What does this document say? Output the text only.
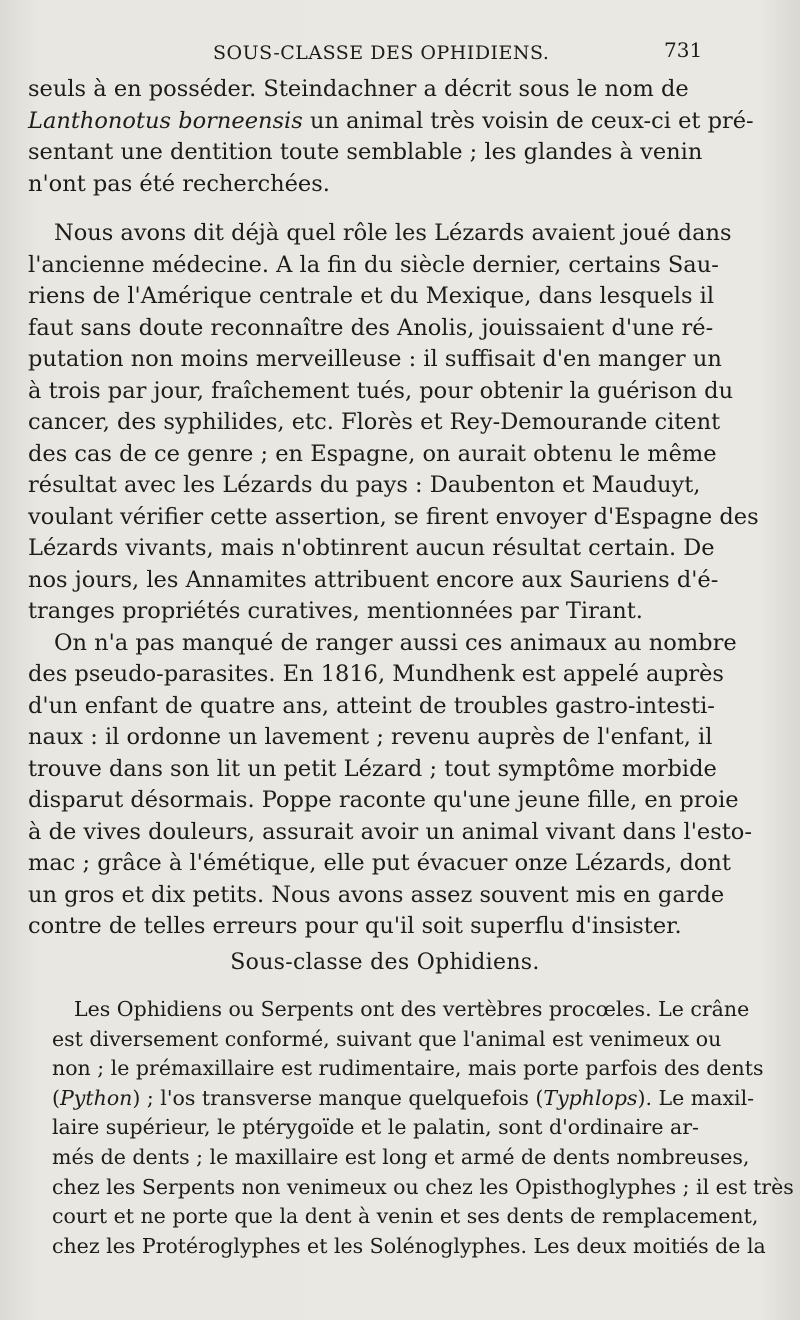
SOUS-CLASSE DES OPHIDIENS.	731
seuls à en posséder. Steindachner a décrit sous le nom de
Lanthonotus borneensis un animal très voisin de ceux-ci et pré-
sentant une dentition toute semblable ; les glandes à venin
n'ont pas été recherchées.
Nous avons dit déjà quel rôle les Lézards avaient joué dans
l'ancienne médecine. A la fin du siècle dernier, certains Sau-
riens de l'Amérique centrale et du Mexique, dans lesquels il
faut sans doute reconnaître des Anolis, jouissaient d'une ré-
putation non moins merveilleuse : il suffisait d'en manger un
à trois par jour, fraîchement tués, pour obtenir la guérison du
cancer, des syphilides, etc. Florès et Rey-Demourande citent
des cas de ce genre ; en Espagne, on aurait obtenu le même
résultat avec les Lézards du pays : Daubenton et Mauduyt,
voulant vérifier cette assertion, se firent envoyer d'Espagne des
Lézards vivants, mais n'obtinrent aucun résultat certain. De
nos jours, les Annamites attribuent encore aux Sauriens d'é-
tranges propriétés curatives, mentionnées par Tirant.
On n'a pas manqué de ranger aussi ces animaux au nombre
des pseudo-parasites. En 1816, Mundhenk est appelé auprès
d'un enfant de quatre ans, atteint de troubles gastro-intesti-
naux : il ordonne un lavement ; revenu auprès de l'enfant, il
trouve dans son lit un petit Lézard ; tout symptôme morbide
disparut désormais. Poppe raconte qu'une jeune fille, en proie
à de vives douleurs, assurait avoir un animal vivant dans l'esto-
mac ; grâce à l'émétique, elle put évacuer onze Lézards, dont
un gros et dix petits. Nous avons assez souvent mis en garde
contre de telles erreurs pour qu'il soit superflu d'insister.
Sous-classe des Ophidiens.
Les Ophidiens ou Serpents ont des vertèbres procœles. Le crâne
est diversement conformé, suivant que l'animal est venimeux ou
non ; le prémaxillaire est rudimentaire, mais porte parfois des dents
(Python) ; l'os transverse manque quelquefois (Typhlops). Le maxil-
laire supérieur, le ptérygoïde et le palatin, sont d'ordinaire ar-
més de dents ; le maxillaire est long et armé de dents nombreuses,
chez les Serpents non venimeux ou chez les Opisthoglyphes ; il est très
court et ne porte que la dent à venin et ses dents de remplacement,
chez les Protéroglyphes et les Solénoglyphes. Les deux moitiés de la
